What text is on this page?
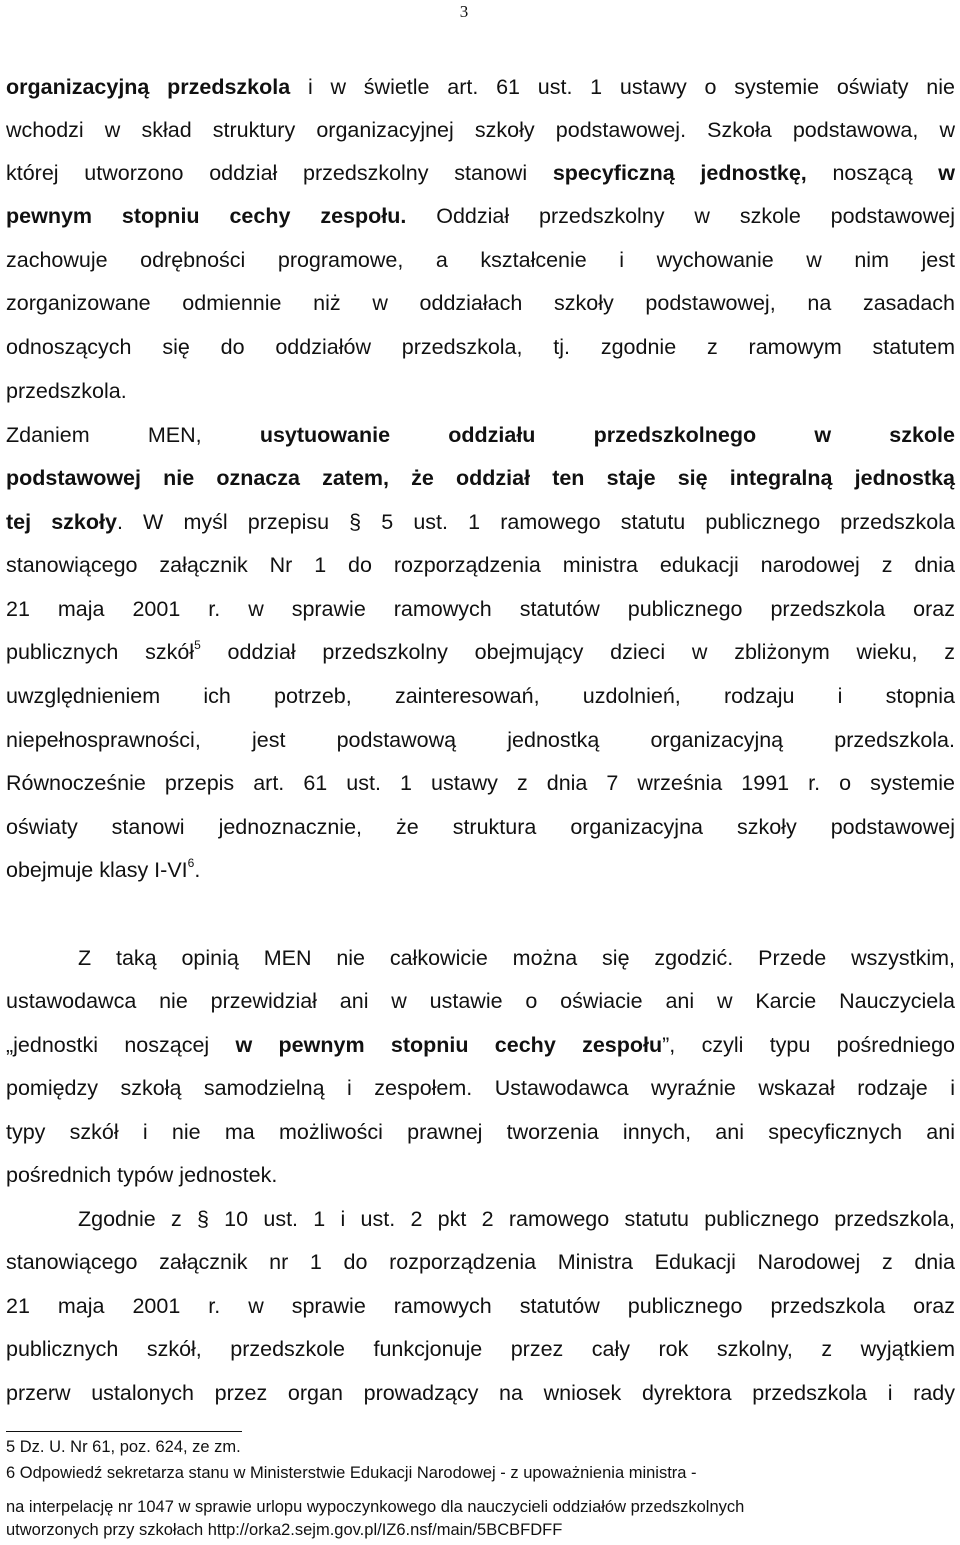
3
organizacyjną przedszkola i w świetle art. 61 ust. 1 ustawy o systemie oświaty nie
wchodzi w skład struktury organizacyjnej szkoły podstawowej. Szkoła podstawowa, w
której utworzono oddział przedszkolny stanowi specyficzną jednostkę, noszącą w
pewnym stopniu cechy zespołu. Oddział przedszkolny w szkole podstawowej
zachowuje odrębności programowe, a kształcenie i wychowanie w nim jest
zorganizowane odmiennie niż w oddziałach szkoły podstawowej, na zasadach
odnoszących się do oddziałów przedszkola, tj. zgodnie z ramowym statutem
przedszkola.
Zdaniem MEN, usytuowanie oddziału przedszkolnego w szkole
podstawowej nie oznacza zatem, że oddział ten staje się integralną jednostką
tej szkoły. W myśl przepisu § 5 ust. 1 ramowego statutu publicznego przedszkola
stanowiącego załącznik Nr 1 do rozporządzenia ministra edukacji narodowej z dnia
21 maja 2001 r. w sprawie ramowych statutów publicznego przedszkola oraz
publicznych szkół$^5$ oddział przedszkolny obejmujący dzieci w zbliżonym wieku, z
uwzględnieniem ich potrzeb, zainteresowań, uzdolnień, rodzaju i stopnia
niepełnosprawności, jest podstawową jednostką organizacyjną przedszkola.
Równocześnie przepis art. 61 ust. 1 ustawy z dnia 7 września 1991 r. o systemie
oświaty stanowi jednoznacznie, że struktura organizacyjna szkoły podstawowej
obejmuje klasy $I-VI^6$.
Z taką opinią MEN nie całkowicie można się zgodzić. Przede wszystkim,
ustawodawca nie przewidział ani w ustawie o oświacie ani w Karcie Nauczyciela
„jednostki noszącej w pewnym stopniu cechy zespołu”, czyli typu pośredniego
pomiędzy szkołą samodzielną i zespołem. Ustawodawca wyraźnie wskazał rodzaje i
typy szkół i nie ma możliwości prawnej tworzenia innych, ani specyficznych ani
pośrednich typów jednostek.
Zgodnie z § 10 ust. 1 i ust. 2 pkt 2 ramowego statutu publicznego przedszkola,
stanowiącego załącznik nr 1 do rozporządzenia Ministra Edukacji Narodowej z dnia
21 maja 2001 r. w sprawie ramowych statutów publicznego przedszkola oraz
publicznych szkół, przedszkole funkcjonuje przez cały rok szkolny, z wyjątkiem
przerw ustalonych przez organ prowadzący na wniosek dyrektora przedszkola i rady
5 Dz. U. Nr 61, poz. 624, ze zm.
6 Odpowiedź sekretarza stanu w Ministerstwie Edukacji Narodowej - z upoważnienia ministra -
na interpelację nr 1047 w sprawie urlopu wypoczynkowego dla nauczycieli oddziałów przedszkolnych
utworzonych przy szkołach http://orka2.sejm.gov.pl/IZ6.nsf/main/5BCBFDFF
